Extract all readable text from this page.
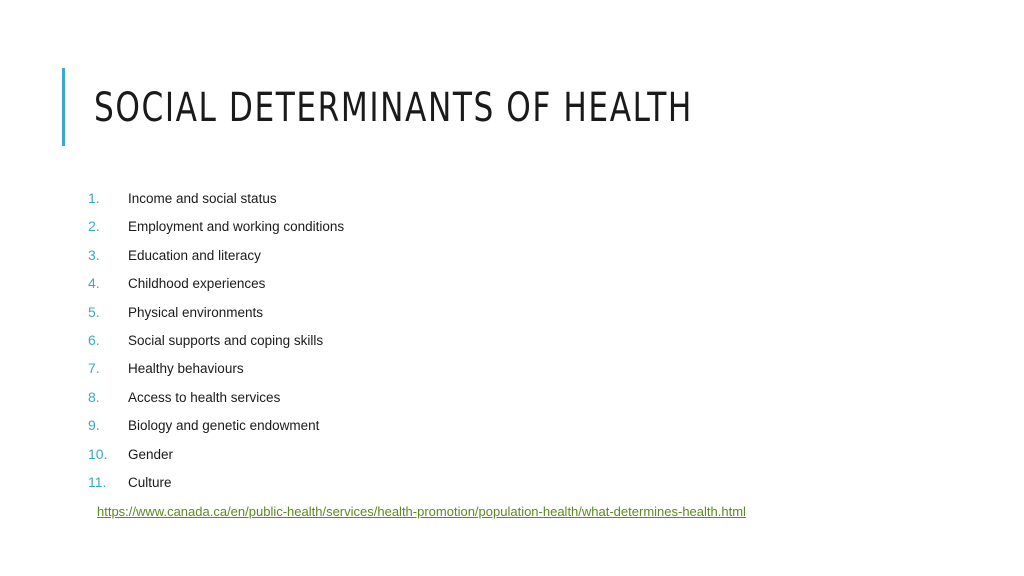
SOCIAL DETERMINANTS OF HEALTH
1.	Income and social status
2.	Employment and working conditions
3.	Education and literacy
4.	Childhood experiences
5.	Physical environments
6.	Social supports and coping skills
7.	Healthy behaviours
8.	Access to health services
9.	Biology and genetic endowment
10.	Gender
11.	Culture
https://www.canada.ca/en/public-health/services/health-promotion/population-health/what-determines-health.html
